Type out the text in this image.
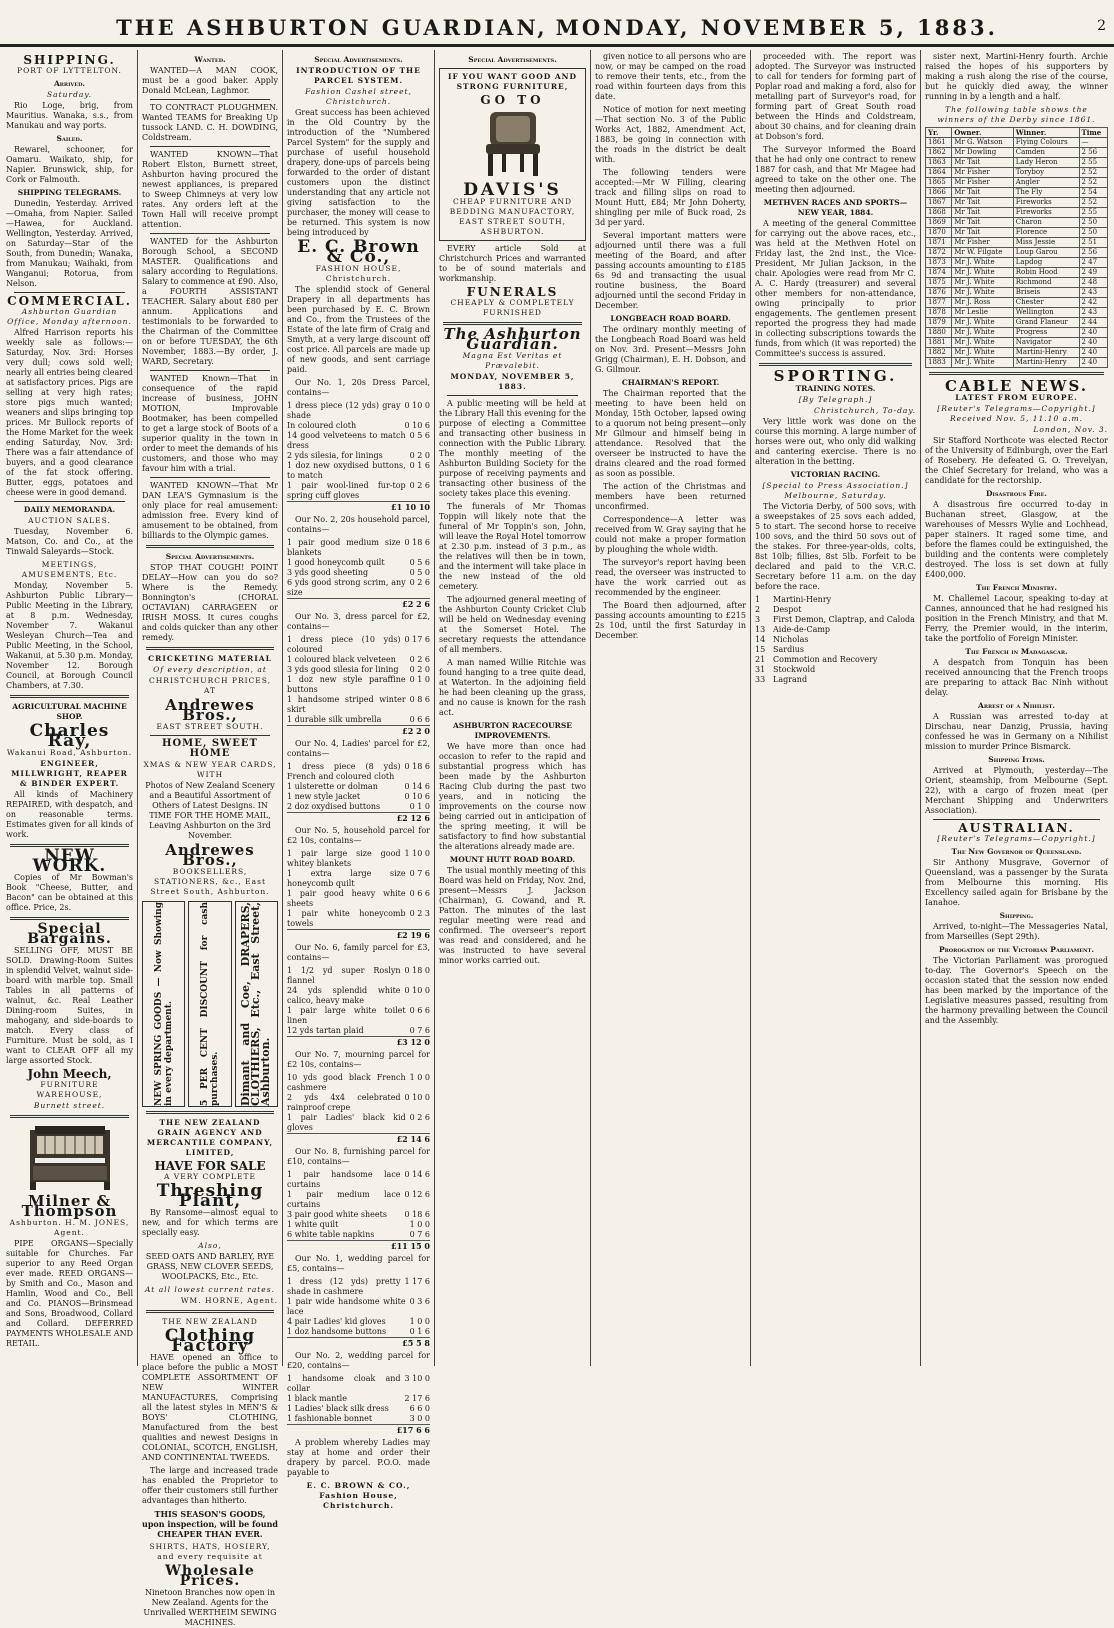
THE ASHBURTON GUARDIAN, MONDAY, NOVEMBER 5, 1883.	2
SHIPPING.
PORT OF LYTTELTON.
Arrived.
Saturday.
Rio Loge, brig, from Mauritius. Wanaka, s.s., from Manukau and way ports.
Sailed.
Rewarel, schooner, for Oamaru. Waikato, ship, for Napier. Brunswick, ship, for Cork or Falmouth.
SHIPPING TELEGRAMS.
Dunedin, Yesterday. Arrived—Omaha, from Napier. Sailed—Hawea, for Auckland. Wellington, Yesterday. Arrived, on Saturday—Star of the South, from Dunedin; Wanaka, from Manukau; Waihaki, from Wanganui; Rotorua, from Nelson.
COMMERCIAL.
Ashburton Guardian Office, Monday afternoon.
Alfred Harrison reports his weekly sale as follows:—Saturday, Nov. 3rd: Horses very dull; cows sold well; nearly all entries being cleared at satisfactory prices. Pigs are selling at very high rates; store pigs much wanted; weaners and slips bringing top prices. Mr Bullock reports of the Home Market for the week ending Saturday, Nov. 3rd: There was a fair attendance of buyers, and a good clearance of the fat stock offering. Butter, eggs, potatoes and cheese were in good demand.
DAILY MEMORANDA.
AUCTION SALES.
Tuesday, November 6. Matson, Co. and Co., at the Tinwald Saleyards—Stock.
MEETINGS, AMUSEMENTS, Etc.
Monday, November 5. Ashburton Public Library—Public Meeting in the Library, at 8 p.m. Wednesday, November 7. Wakanui Wesleyan Church—Tea and Public Meeting, in the School, Wakanui, at 5.30 p.m. Monday, November 12. Borough Council, at Borough Council Chambers, at 7.30.
AGRICULTURAL MACHINE SHOP.
Charles Ray,
Wakanui Road, Ashburton.
ENGINEER, MILLWRIGHT, REAPER & BINDER EXPERT.
All kinds of Machinery REPAIRED, with despatch, and on reasonable terms. Estimates given for all kinds of work.
NEW WORK.
Copies of Mr Bowman's Book "Cheese, Butter, and Bacon" can be obtained at this office. Price, 2s.
Special Bargains.
SELLING OFF, MUST BE SOLD. Drawing-Room Suites in splendid Velvet, walnut side-board with marble top. Small Tables in all patterns of walnut, &c. Real Leather Dining-room Suites, in mahogany, and side-boards to match. Every class of Furniture. Must be sold, as I want to CLEAR OFF all my large assorted Stock.
John Meech,
FURNITURE WAREHOUSE,
Burnett street.
Milner & Thompson
Ashburton. H. M. JONES, Agent.
PIPE ORGANS—Specially suitable for Churches. Far superior to any Reed Organ ever made. REED ORGANS—by Smith and Co., Mason and Hamlin, Wood and Co., Bell and Co. PIANOS—Brinsmead and Sons, Broadwood, Collard and Collard. DEFERRED PAYMENTS WHOLESALE AND RETAIL.
Wanted.
WANTED—A MAN COOK, must be a good baker. Apply Donald McLean, Laghmor.
TO CONTRACT PLOUGHMEN. Wanted TEAMS for Breaking Up tussock LAND. C. H. DOWDING, Coldstream.
WANTED KNOWN—That Robert Elston, Burnett street, Ashburton having procured the newest appliances, is prepared to Sweep Chimneys at very low rates. Any orders left at the Town Hall will receive prompt attention.
WANTED for the Ashburton Borough School, a SECOND MASTER. Qualifications and salary according to Regulations. Salary to commence at £90. Also, a FOURTH ASSISTANT TEACHER. Salary about £80 per annum. Applications and testimonials to be forwarded to the Chairman of the Committee on or before TUESDAY, the 6th November, 1883.—By order, J. WARD, Secretary.
WANTED Known—That in consequence of the rapid increase of business, JOHN MOTION, Improvable Bootmaker, has been compelled to get a large stock of Boots of a superior quality in the town in order to meet the demands of his customers, and those who may favour him with a trial.
WANTED KNOWN—That Mr DAN LEA'S Gymnasium is the only place for real amusement: admission free. Every kind of amusement to be obtained, from billiards to the Olympic games.
Special Advertisements.
STOP THAT COUGH! POINT DELAY—How can you do so? Where is the Remedy. Bonnington's (CHORAL OCTAVIAN) CARRAGEEN or IRISH MOSS. It cures coughs and colds quicker than any other remedy.
CRICKETING MATERIAL
Of every description, at
CHRISTCHURCH PRICES, AT
Andrewes Bros.,
EAST STREET SOUTH.
HOME, SWEET HOME
XMAS & NEW YEAR CARDS, WITH
Photos of New Zealand Scenery and a Beautiful Assortment of Others of Latest Designs. IN TIME FOR THE HOME MAIL, Leaving Ashburton on the 3rd November.
Andrewes Bros.,
BOOKSELLERS, STATIONERS, &c., East Street South, Ashburton.
NEW SPRING GOODS — Now Showing in every department.	5 PER CENT DISCOUNT for cash purchases. Dimant and Coe, DRAPERS, CLOTHIERS, Etc., East Street, Ashburton.
THE NEW ZEALAND GRAIN AGENCY AND MERCANTILE COMPANY, LIMITED,
HAVE FOR SALE
A VERY COMPLETE
Threshing Plant,
By Ransome—almost equal to new, and for which terms are specially easy.
Also,
SEED OATS AND BARLEY, RYE GRASS, NEW CLOVER SEEDS, WOOLPACKS, Etc., Etc.
At all lowest current rates.
WM. HORNE, Agent.
THE NEW ZEALAND
Clothing Factory
HAVE opened an office to place before the public a MOST COMPLETE ASSORTMENT OF NEW WINTER MANUFACTURES, Comprising all the latest styles in MEN'S & BOYS' CLOTHING, Manufactured from the best qualities and newest Designs in COLONIAL, SCOTCH, ENGLISH, AND CONTINENTAL TWEEDS.
The large and increased trade has enabled the Proprietor to offer their customers still further advantages than hitherto.
THIS SEASON'S GOODS, upon inspection, will be found CHEAPER THAN EVER.
SHIRTS, HATS, HOSIERY, and every requisite at
Wholesale Prices.
Ninetoon Branches now open in New Zealand. Agents for the Unrivalled WERTHEIM SEWING MACHINES.
Special Advertisements.
INTRODUCTION OF THE PARCEL SYSTEM.
Fashion Cashel street, Christchurch.
Great success has been achieved in the Old Country by the introduction of the "Numbered Parcel System" for the supply and purchase of useful household drapery, done-ups of parcels being forwarded to the order of distant customers upon the distinct understanding that any article not giving satisfaction to the purchaser, the money will cease to be returned. This system is now being introduced by
E. C. Brown & Co.,
FASHION HOUSE, Christchurch.
The splendid stock of General Drapery in all departments has been purchased by E. C. Brown and Co., from the Trustees of the Estate of the late firm of Craig and Smyth, at a very large discount off cost price. All parcels are made up of new goods, and sent carriage paid.
Our No. 1, 20s Dress Parcel, contains—
1 dress piece (12 yds) gray shade
0 10 0
In coloured cloth	0 10 6
14 good velveteens to match dress
0 5 6
2 yds silesia, for linings	0 2 0
1 doz new oxydised buttons, to match
0 1 6
1 pair wool-lined fur-top spring cuff gloves
0 2 6
£1 10 10
Our No. 2, 20s household parcel, contains—
1 pair good medium size blankets
0 18 6
1 good honeycomb quilt	0 5 6
3 yds good sheeting	0 5 0
6 yds good strong scrim, any size
0 2 6
£2 2 6
Our No. 3, dress parcel for £2, contains—
1 dress piece (10 yds) coloured
0 17 6
1 coloured black velveteen 0 2 6
3 yds good silesia for lining 0 2 0
1 doz new style paraffine buttons
0 1 0
1 handsome striped winter skirt
0 8 6
1 durable silk umbrella	0 6 6
£2 2 0
Our No. 4, Ladies' parcel for £2, contains—
1 dress piece (8 yds) French and coloured cloth
0 18 6
1 ulsterette or dolman	0 14 6
1 new style jacket	0 10 6
2 doz oxydised buttons	0 1 0
£2 12 6
Our No. 5, household parcel for £2 10s, contains—
1 pair large size good whitey blankets
1 10 0
1 extra large size honeycomb quilt
0 7 6
1 pair good heavy white sheets
0 6 6
1 pair white honeycomb towels
0 2 3
£2 19 6
Our No. 6, family parcel for £3, contains—
1 1/2 yd super Roslyn flannel
0 18 0
24 yds splendid white calico, heavy make
0 10 0
1 pair large white toilet linen
0 6 6
12 yds tartan plaid	0 7 6
£3 12 0
Our No. 7, mourning parcel for £2 10s, contains—
10 yds good black French cashmere
1 0 0
2 yds 4x4 celebrated rainproof crepe
0 10 0
1 pair Ladies' black kid gloves
0 2 6
£2 14 6
Our No. 8, furnishing parcel for £10, contains—
1 pair handsome lace curtains
0 14 6
1 pair medium lace curtains
0 12 6
3 pair good white sheets 0 18 6
1 white quilt	1 0 0
6 white table napkins	0 7 6
£11 15 0
Our No. 1, wedding parcel for £5, contains—
1 dress (12 yds) pretty shade in cashmere
1 17 6
1 pair wide handsome white lace
0 3 6
4 pair Ladies' kid gloves	1 0 0
1 doz handsome buttons	0 1 6
£5 5 8
Our No. 2, wedding parcel for £20, contains—
1 handsome cloak and collar
3 10 0
1 black mantle	2 17 6
1 Ladies' black silk dress	6 6 0
1 fashionable bonnet	3 0 0
£17 6 6
A problem whereby Ladies may stay at home and order their drapery by parcel. P.O.O. made payable to
E. C. BROWN & CO., Fashion House, Christchurch.
Special Advertisements.
IF YOU WANT GOOD AND STRONG FURNITURE,
GO TO
DAVIS'S
CHEAP FURNITURE AND BEDDING MANUFACTORY, EAST STREET SOUTH, ASHBURTON.
EVERY article Sold at Christchurch Prices and warranted to be of sound materials and workmanship.
FUNERALS
CHEAPLY & COMPLETELY FURNISHED
The Ashburton Guardian.
Magna Est Veritas et Prævalebit.
MONDAY, NOVEMBER 5, 1883.
A public meeting will be held at the Library Hall this evening for the purpose of electing a Committee and transacting other business in connection with the Public Library. The monthly meeting of the Ashburton Building Society for the purpose of receiving payments and transacting other business of the society takes place this evening.
The funerals of Mr Thomas Toppin will likely note that the funeral of Mr Toppin's son, John, will leave the Royal Hotel tomorrow at 2.30 p.m. instead of 3 p.m., as the relatives will then be in town, and the interment will take place in the new instead of the old cemetery.
The adjourned general meeting of the Ashburton County Cricket Club will be held on Wednesday evening at the Somerset Hotel. The secretary requests the attendance of all members.
A man named Willie Ritchie was found hanging to a tree quite dead, at Waterton. In the adjoining field he had been cleaning up the grass, and no cause is known for the rash act.
ASHBURTON RACECOURSE IMPROVEMENTS.
We have more than once had occasion to refer to the rapid and substantial progress which has been made by the Ashburton Racing Club during the past two years, and in noticing the improvements on the course now being carried out in anticipation of the spring meeting, it will be satisfactory to find how substantial the alterations already made are.
MOUNT HUTT ROAD BOARD.
The usual monthly meeting of this Board was held on Friday, Nov. 2nd, present—Messrs J. Jackson (Chairman), G. Cowand, and R. Patton. The minutes of the last regular meeting were read and confirmed. The overseer's report was read and considered, and he was instructed to have several minor works carried out.
given notice to all persons who are now, or may be camped on the road to remove their tents, etc., from the road within fourteen days from this date.
Notice of motion for next meeting—That section No. 3 of the Public Works Act, 1882, Amendment Act, 1883, be going in connection with the roads in the district be dealt with.
The following tenders were accepted:—Mr W Filling, clearing track and filling slips on road to Mount Hutt, £84; Mr John Doherty, shingling per mile of Buck road, 2s 3d per yard.
Several important matters were adjourned until there was a full meeting of the Board, and after passing accounts amounting to £185 6s 9d and transacting the usual routine business, the Board adjourned until the second Friday in December.
LONGBEACH ROAD BOARD.
The ordinary monthly meeting of the Longbeach Road Board was held on Nov. 3rd. Present—Messrs John Grigg (Chairman), E. H. Dobson, and G. Gilmour.
CHAIRMAN'S REPORT.
The Chairman reported that the meeting to have been held on Monday, 15th October, lapsed owing to a quorum not being present—only Mr Gilmour and himself being in attendance. Resolved that the overseer be instructed to have the drains cleared and the road formed as soon as possible.
The action of the Christmas and members have been returned unconfirmed.
Correspondence—A letter was received from W. Gray saying that he could not make a proper formation by ploughing the whole width.
The surveyor's report having been read, the overseer was instructed to have the work carried out as recommended by the engineer.
The Board then adjourned, after passing accounts amounting to £215 2s 10d, until the first Saturday in December.
proceeded with. The report was adopted. The Surveyor was instructed to call for tenders for forming part of Poplar road and making a ford, also for metalling part of Surveyor's road, for forming part of Great South road between the Hinds and Coldstream, about 30 chains, and for cleaning drain at Dobson's ford.
The Surveyor informed the Board that he had only one contract to renew 1887 for cash, and that Mr Magee had agreed to take on the other one. The meeting then adjourned.
METHVEN RACES AND SPORTS—NEW YEAR, 1884.
A meeting of the general Committee for carrying out the above races, etc., was held at the Methven Hotel on Friday last, the 2nd inst., the Vice-President, Mr Julian Jackson, in the chair. Apologies were read from Mr C. A. C. Hardy (treasurer) and several other members for non-attendance, owing principally to prior engagements. The gentlemen present reported the progress they had made in collecting subscriptions towards the funds, from which (it was reported) the Committee's success is assured.
SPORTING.
TRAINING NOTES.
[By Telegraph.]
Christchurch, To-day.
Very little work was done on the course this morning. A large number of horses were out, who only did walking and cantering exercise. There is no alteration in the betting.
VICTORIAN RACING.
[Special to Press Association.] Melbourne, Saturday.
The Victoria Derby, of 500 sovs, with a sweepstakes of 25 sovs each added, 5 to start. The second horse to receive 100 sovs, and the third 50 sovs out of the stakes. For three-year-olds, colts, 8st 10lb; fillies, 8st 5lb. Forfeit to be declared and paid to the V.R.C. Secretary before 11 a.m. on the day before the race.
1	Martini-Henry
2	Despot
3	First Demon, Claptrap, and Caloda
13 Aide-de-Camp
14 Nicholas
15 Sardius
21 Commotion and Recovery
31 Stockwold
33 Lagrand
sister next, Martini-Henry fourth. Archie raised the hopes of his supporters by making a rush along the rise of the course, but he quickly died away, the winner running in by a length and a half.
The following table shows the winners of the Derby since 1861.
Yr.	Owner.	Winner.	Time
1861	Mr G. Watson	Flying Colours	—
1862	Mr Dowling	Camden	2 56
1863	Mr Tait	Lady Heron	2 55
1864	Mr Fisher	Toryboy	2 52
1865	Mr Fisher	Angler	2 52
1866	Mr Tait	The Fly	2 54
1867	Mr Tait	Fireworks	2 52
1868	Mr Tait	Fireworks	2 55
1869	Mr Tait	Charon	2 50
1870	Mr Tait	Florence	2 50
1871	Mr Fisher	Miss Jessie	2 51
1872	Mr W. Filgate	Loup Garou	2 56
1873	Mr J. White	Lapdog	2 47
1874	Mr J. White	Robin Hood	2 49
1875	Mr J. White	Richmond	2 48
1876	Mr J. White	Briseis	2 43
1877	Mr J. Ross	Chester	2 42
1878	Mr Leslie	Wellington	2 43
1879	Mr J. White	Grand Flaneur	2 44
1880	Mr J. White	Progress	2 40
1881	Mr J. White	Navigator	2 40
1882	Mr J. White	Martini-Henry	2 40
1883	Mr J. White	Martini-Henry	2 40
CABLE NEWS.
LATEST FROM EUROPE.
[Reuter's Telegrams—Copyright.] Received Nov. 5, 11.10 a.m.
London, Nov. 3.
Sir Stafford Northcote was elected Rector of the University of Edinburgh, over the Earl of Rosebery. He defeated G. O. Trevelyan, the Chief Secretary for Ireland, who was a candidate for the rectorship.
Disastrous Fire.
A disastrous fire occurred to-day in Buchanan street, Glasgow, at the warehouses of Messrs Wylie and Lochhead, paper stainers. It raged some time, and before the flames could be extinguished, the building and the contents were completely destroyed. The loss is set down at fully £400,000.
The French Ministry.
M. Challemel Lacour, speaking to-day at Cannes, announced that he had resigned his position in the French Ministry, and that M. Ferry, the Premier would, in the interim, take the portfolio of Foreign Minister.
The French in Madagascar.
A despatch from Tonquin has been received announcing that the French troops are preparing to attack Bac Ninh without delay.
Arrest of a Nihilist.
A Russian was arrested to-day at Dirschau, near Danzig, Prussia, having confessed he was in Germany on a Nihilist mission to murder Prince Bismarck.
Shipping Items.
Arrived at Plymouth, yesterday—The Orient, steamship, from Melbourne (Sept. 22), with a cargo of frozen meat (per Merchant Shipping and Underwriters Association).
AUSTRALIAN.
[Reuter's Telegrams—Copyright.]
The New Governor of Queensland.
Sir Anthony Musgrave, Governor of Queensland, was a passenger by the Surata from Melbourne this morning. His Excellency sailed again for Brisbane by the Ianahoe.
Shipping.
Arrived, to-night—The Messageries Natal, from Marseilles (Sept 29th).
Prorogation of the Victorian Parliament.
The Victorian Parliament was prorogued to-day. The Governor's Speech on the occasion stated that the session now ended has been marked by the importance of the Legislative measures passed, resulting from the harmony prevailing between the Council and the Assembly.
